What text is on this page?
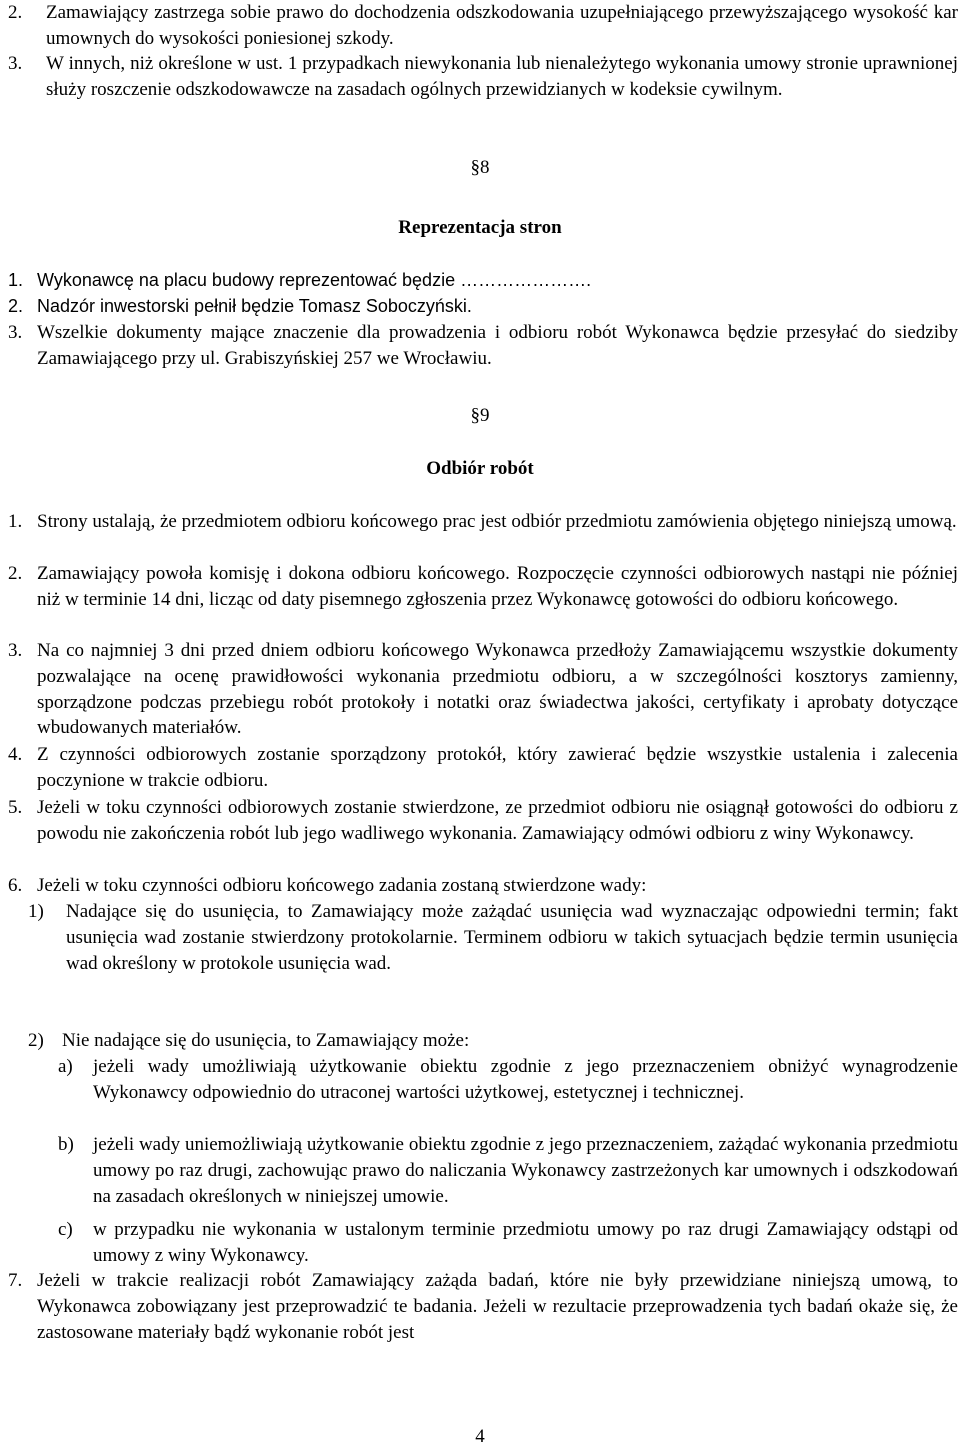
2. Zamawiający zastrzega sobie prawo do dochodzenia odszkodowania uzupełniającego przewyższającego wysokość kar umownych do wysokości poniesionej szkody.
3. W innych, niż określone w ust. 1 przypadkach niewykonania lub nienależytego wykonania umowy stronie uprawnionej służy roszczenie odszkodowawcze na zasadach ogólnych przewidzianych w kodeksie cywilnym.
§8
Reprezentacja stron
1. Wykonawcę na placu budowy reprezentować będzie ………………….
2. Nadzór inwestorski pełnił będzie Tomasz Soboczyński.
3. Wszelkie dokumenty mające znaczenie dla prowadzenia i odbioru robót Wykonawca będzie przesyłać do siedziby Zamawiającego przy ul. Grabiszyńskiej 257 we Wrocławiu.
§9
Odbiór robót
1. Strony ustalają, że przedmiotem odbioru końcowego prac jest odbiór przedmiotu zamówienia objętego niniejszą umową.
2. Zamawiający powoła komisję i dokona odbioru końcowego. Rozpoczęcie czynności odbiorowych nastąpi nie później niż w terminie 14 dni, licząc od daty pisemnego zgłoszenia przez Wykonawcę gotowości do odbioru końcowego.
3. Na co najmniej 3 dni przed dniem odbioru końcowego Wykonawca przedłoży Zamawiającemu wszystkie dokumenty pozwalające na ocenę prawidłowości wykonania przedmiotu odbioru, a w szczególności kosztorys zamienny, sporządzone podczas przebiegu robót protokoły i notatki oraz świadectwa jakości, certyfikaty i aprobaty dotyczące wbudowanych materiałów.
4. Z czynności odbiorowych zostanie sporządzony protokół, który zawierać będzie wszystkie ustalenia i zalecenia poczynione w trakcie odbioru.
5. Jeżeli w toku czynności odbiorowych zostanie stwierdzone, ze przedmiot odbioru nie osiągnął gotowości do odbioru z powodu nie zakończenia robót lub jego wadliwego wykonania. Zamawiający odmówi odbioru z winy Wykonawcy.
6. Jeżeli w toku czynności odbioru końcowego zadania zostaną stwierdzone wady:
1) Nadające się do usunięcia, to Zamawiający może zażądać usunięcia wad wyznaczając odpowiedni termin; fakt usunięcia wad zostanie stwierdzony protokolarnie. Terminem odbioru w takich sytuacjach będzie termin usunięcia wad określony w protokole usunięcia wad.
2) Nie nadające się do usunięcia, to Zamawiający może:
a) jeżeli wady umożliwiają użytkowanie obiektu zgodnie z jego przeznaczeniem obniżyć wynagrodzenie Wykonawcy odpowiednio do utraconej wartości użytkowej, estetycznej i technicznej.
b) jeżeli wady uniemożliwiają użytkowanie obiektu zgodnie z jego przeznaczeniem, zażądać wykonania przedmiotu umowy po raz drugi, zachowując prawo do naliczania Wykonawcy zastrzeżonych kar umownych i odszkodowań na zasadach określonych w niniejszej umowie.
c) w przypadku nie wykonania w ustalonym terminie przedmiotu umowy po raz drugi Zamawiający odstąpi od umowy z winy Wykonawcy.
7. Jeżeli w trakcie realizacji robót Zamawiający zażąda badań, które nie były przewidziane niniejszą umową, to Wykonawca zobowiązany jest przeprowadzić te badania. Jeżeli w rezultacie przeprowadzenia tych badań okaże się, że zastosowane materiały bądź wykonanie robót jest
4
